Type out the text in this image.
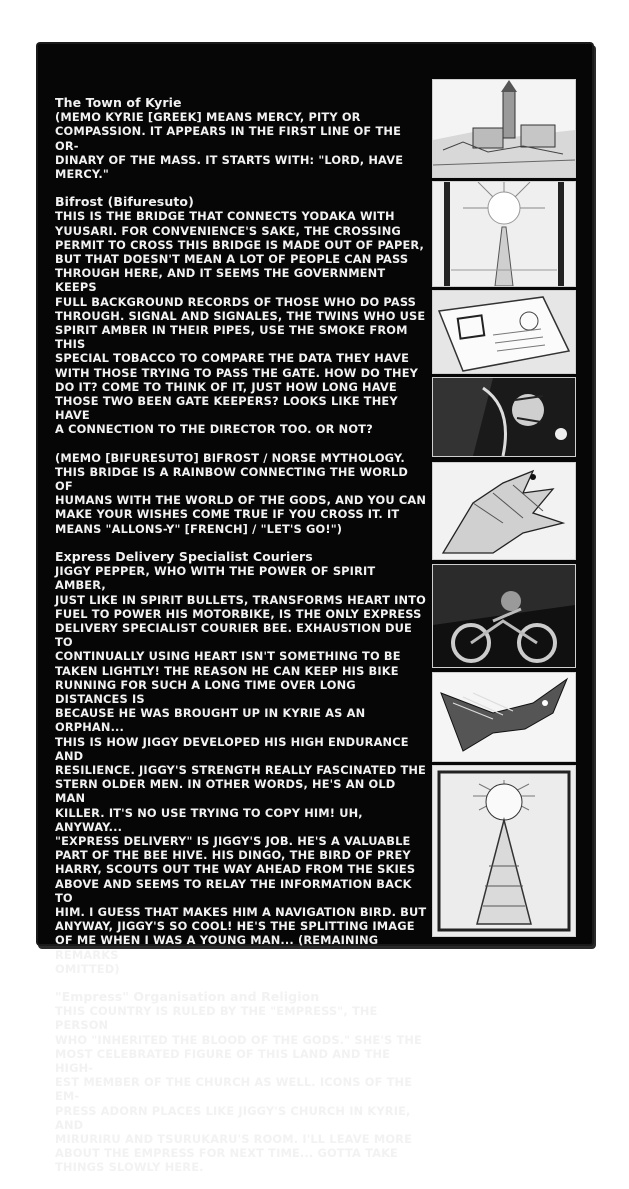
The Town of Kyrie
(MEMO KYRIE [GREEK] MEANS MERCY, PITY OR
COMPASSION. IT APPEARS IN THE FIRST LINE OF THE OR-
DINARY OF THE MASS. IT STARTS WITH: "LORD, HAVE
MERCY."
Bifrost (Bifuresuto)
THIS IS THE BRIDGE THAT CONNECTS YODAKA WITH
YUUSARI. FOR CONVENIENCE'S SAKE, THE CROSSING
PERMIT TO CROSS THIS BRIDGE IS MADE OUT OF PAPER,
BUT THAT DOESN'T MEAN A LOT OF PEOPLE CAN PASS
THROUGH HERE, AND IT SEEMS THE GOVERNMENT KEEPS
FULL BACKGROUND RECORDS OF THOSE WHO DO PASS
THROUGH. SIGNAL AND SIGNALES, THE TWINS WHO USE
SPIRIT AMBER IN THEIR PIPES, USE THE SMOKE FROM THIS
SPECIAL TOBACCO TO COMPARE THE DATA THEY HAVE
WITH THOSE TRYING TO PASS THE GATE. HOW DO THEY
DO IT? COME TO THINK OF IT, JUST HOW LONG HAVE
THOSE TWO BEEN GATE KEEPERS? LOOKS LIKE THEY HAVE
A CONNECTION TO THE DIRECTOR TOO. OR NOT?
(MEMO [BIFURESUTO] BIFROST / NORSE MYTHOLOGY.
THIS BRIDGE IS A RAINBOW CONNECTING THE WORLD OF
HUMANS WITH THE WORLD OF THE GODS, AND YOU CAN
MAKE YOUR WISHES COME TRUE IF YOU CROSS IT. IT
MEANS "ALLONS-Y" [FRENCH] / "LET'S GO!")
Express Delivery Specialist Couriers
JIGGY PEPPER, WHO WITH THE POWER OF SPIRIT AMBER,
JUST LIKE IN SPIRIT BULLETS, TRANSFORMS HEART INTO
FUEL TO POWER HIS MOTORBIKE, IS THE ONLY EXPRESS
DELIVERY SPECIALIST COURIER BEE. EXHAUSTION DUE TO
CONTINUALLY USING HEART ISN'T SOMETHING TO BE
TAKEN LIGHTLY! THE REASON HE CAN KEEP HIS BIKE
RUNNING FOR SUCH A LONG TIME OVER LONG DISTANCES IS
BECAUSE HE WAS BROUGHT UP IN KYRIE AS AN ORPHAN...
THIS IS HOW JIGGY DEVELOPED HIS HIGH ENDURANCE AND
RESILIENCE. JIGGY'S STRENGTH REALLY FASCINATED THE
STERN OLDER MEN. IN OTHER WORDS, HE'S AN OLD MAN
KILLER. IT'S NO USE TRYING TO COPY HIM! UH, ANYWAY...
"EXPRESS DELIVERY" IS JIGGY'S JOB. HE'S A VALUABLE
PART OF THE BEE HIVE. HIS DINGO, THE BIRD OF PREY
HARRY, SCOUTS OUT THE WAY AHEAD FROM THE SKIES
ABOVE AND SEEMS TO RELAY THE INFORMATION BACK TO
HIM. I GUESS THAT MAKES HIM A NAVIGATION BIRD. BUT
ANYWAY, JIGGY'S SO COOL! HE'S THE SPLITTING IMAGE
OF ME WHEN I WAS A YOUNG MAN... (REMAINING REMARKS
OMITTED)
"Empress" Organisation and Religion
THIS COUNTRY IS RULED BY THE "EMPRESS", THE PERSON
WHO "INHERITED THE BLOOD OF THE GODS." SHE'S THE
MOST CELEBRATED FIGURE OF THIS LAND AND THE HIGH-
EST MEMBER OF THE CHURCH AS WELL. ICONS OF THE EM-
PRESS ADORN PLACES LIKE JIGGY'S CHURCH IN KYRIE, AND
MIRURIRU AND TSURUKARU'S ROOM. I'LL LEAVE MORE
ABOUT THE EMPRESS FOR NEXT TIME... GOTTA TAKE
THINGS SLOWLY HERE.
